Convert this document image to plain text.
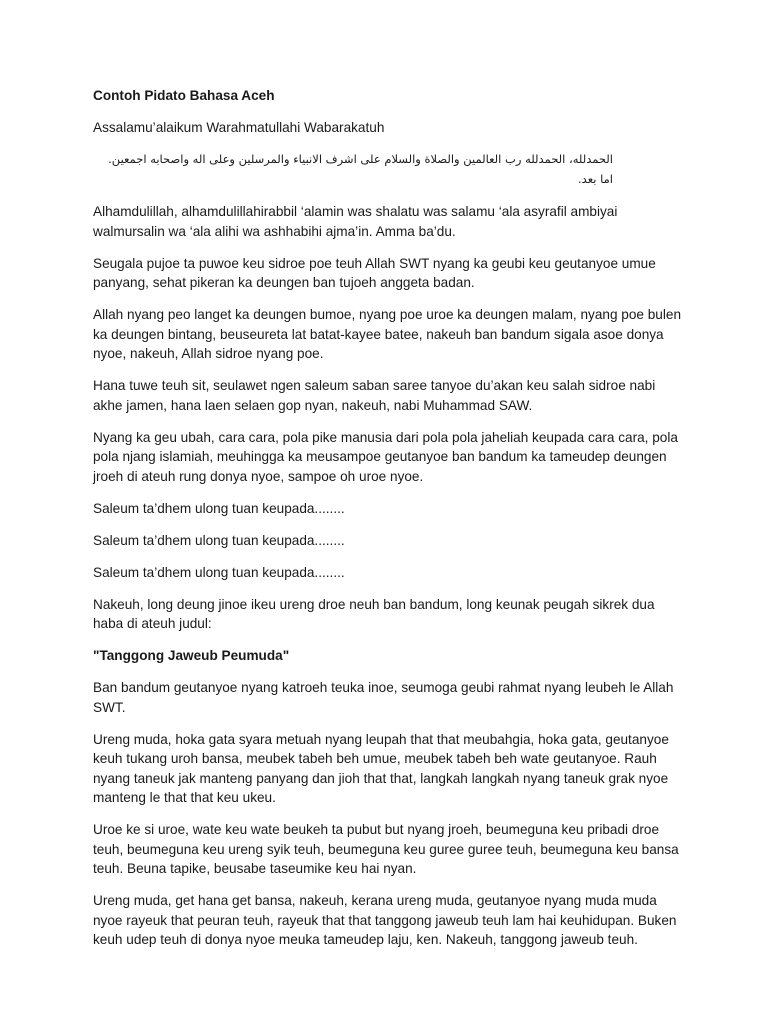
Contoh Pidato Bahasa Aceh

Assalamu’alaikum Warahmatullahi Wabarakatuh

الحمدلله، الحمدلله رب العالمين والصلاة والسلام على اشرف الانبياء والمرسلين وعلى اله واصحابه اجمعين. اما بعد.

Alhamdulillah, alhamdulillahirabbil ‘alamin was shalatu was salamu ‘ala asyrafil ambiyai walmursalin wa ‘ala alihi wa ashhabihi ajma’in. Amma ba’du.

Seugala pujoe ta puwoe keu sidroe poe teuh Allah SWT nyang ka geubi keu geutanyoe umue panyang, sehat pikeran ka deungen ban tujoeh anggeta badan.

Allah nyang peo langet ka deungen bumoe, nyang poe uroe ka deungen malam, nyang poe bulen ka deungen bintang, beuseureta lat batat-kayee batee, nakeuh ban bandum sigala asoe donya nyoe, nakeuh, Allah sidroe nyang poe.

Hana tuwe teuh sit, seulawet ngen saleum saban saree tanyoe du’akan keu salah sidroe nabi akhe jamen, hana laen selaen gop nyan, nakeuh, nabi Muhammad SAW.

Nyang ka geu ubah, cara cara, pola pike manusia dari pola pola jaheliah keupada cara cara, pola pola njang islamiah, meuhingga ka meusampoe geutanyoe ban bandum ka tameudep deungen jroeh di ateuh rung donya nyoe, sampoe oh uroe nyoe.

Saleum ta’dhem ulong tuan keupada........

Saleum ta’dhem ulong tuan keupada........

Saleum ta’dhem ulong tuan keupada........

Nakeuh, long deung jinoe ikeu ureng droe neuh ban bandum, long keunak peugah sikrek dua haba di ateuh judul:

"Tanggong Jaweub Peumuda"

Ban bandum geutanyoe nyang katroeh teuka inoe, seumoga geubi rahmat nyang leubeh le Allah SWT.

Ureng muda, hoka gata syara metuah nyang leupah that that meubahgia, hoka gata, geutanyoe keuh tukang uroh bansa, meubek tabeh beh umue, meubek tabeh beh wate geutanyoe. Rauh nyang taneuk jak manteng panyang dan jioh that that, langkah langkah nyang taneuk grak nyoe manteng le that that keu ukeu.

Uroe ke si uroe, wate keu wate beukeh ta pubut but nyang jroeh, beumeguna keu pribadi droe teuh, beumeguna keu ureng syik teuh, beumeguna keu guree guree teuh, beumeguna keu bansa teuh. Beuna tapike, beusabe taseumike keu hai nyan.

Ureng muda, get hana get bansa, nakeuh, kerana ureng muda, geutanyoe nyang muda muda nyoe rayeuk that peuran teuh, rayeuk that that tanggong jaweub teuh lam hai keuhidupan. Buken keuh udep teuh di donya nyoe meuka tameudep laju, ken. Nakeuh, tanggong jaweub teuh.
